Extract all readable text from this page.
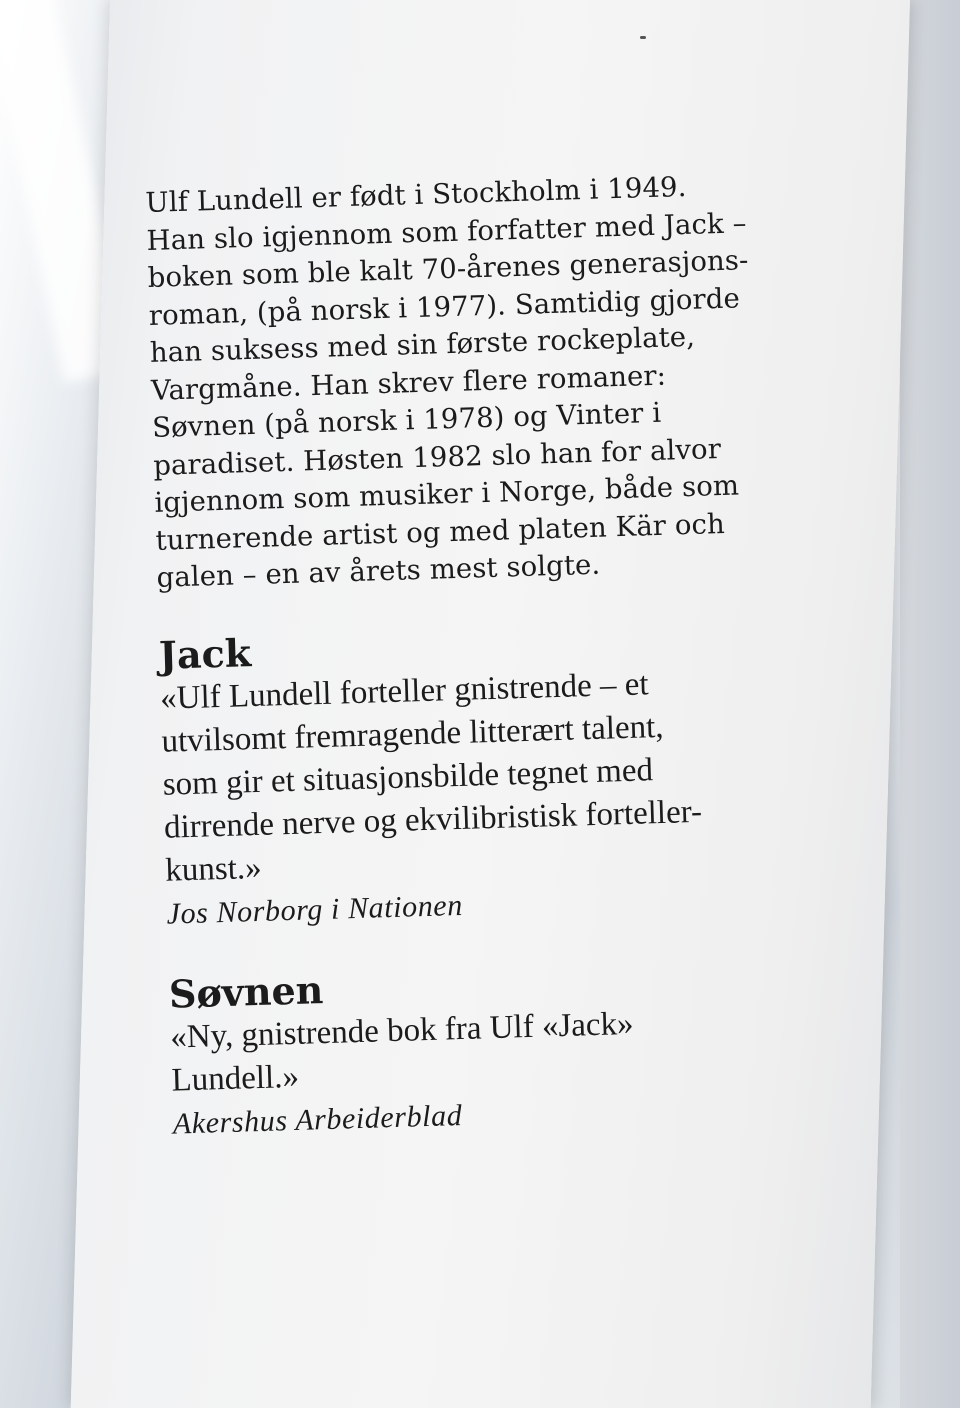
Ulf Lundell er født i Stockholm i 1949.
Han slo igjennom som forfatter med Jack –
boken som ble kalt 70-årenes generasjons-
roman, (på norsk i 1977). Samtidig gjorde
han suksess med sin første rockeplate,
Vargmåne. Han skrev flere romaner:
Søvnen (på norsk i 1978) og Vinter i
paradiset. Høsten 1982 slo han for alvor
igjennom som musiker i Norge, både som
turnerende artist og med platen Kär och
galen – en av årets mest solgte.
Jack
«Ulf Lundell forteller gnistrende – et
utvilsomt fremragende litterært talent,
som gir et situasjonsbilde tegnet med
dirrende nerve og ekvilibristisk forteller-
kunst.»
Jos Norborg i Nationen
Søvnen
«Ny, gnistrende bok fra Ulf «Jack»
Lundell.»
Akershus Arbeiderblad
